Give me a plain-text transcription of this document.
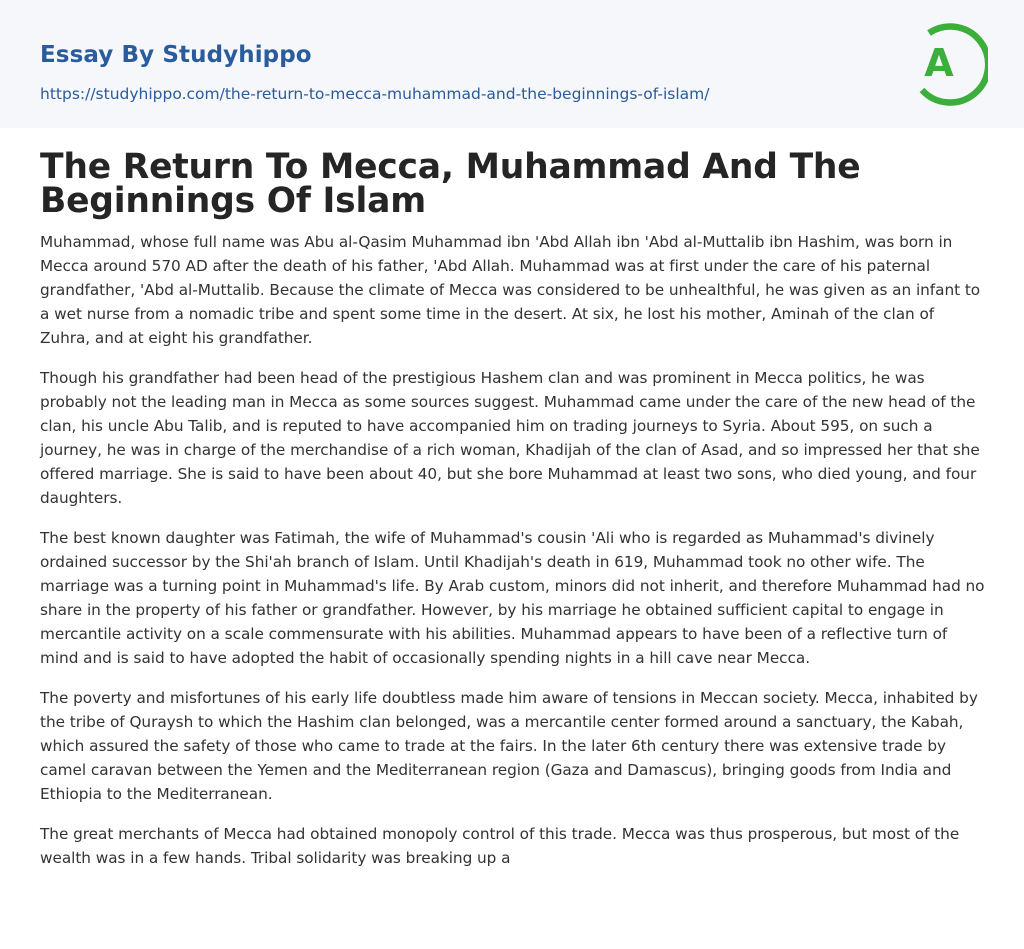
Essay By Studyhippo
https://studyhippo.com/the-return-to-mecca-muhammad-and-the-beginnings-of-islam/
A
The Return To Mecca, Muhammad And The Beginnings Of Islam

Muhammad, whose full name was Abu al-Qasim Muhammad ibn 'Abd Allah ibn 'Abd al-Muttalib ibn Hashim, was born in Mecca around 570 AD after the death of his father, 'Abd Allah. Muhammad was at first under the care of his paternal grandfather, 'Abd al-Muttalib. Because the climate of Mecca was considered to be unhealthful, he was given as an infant to a wet nurse from a nomadic tribe and spent some time in the desert. At six, he lost his mother, Aminah of the clan of Zuhra, and at eight his grandfather.

Though his grandfather had been head of the prestigious Hashem clan and was prominent in Mecca politics, he was probably not the leading man in Mecca as some sources suggest. Muhammad came under the care of the new head of the clan, his uncle Abu Talib, and is reputed to have accompanied him on trading journeys to Syria. About 595, on such a journey, he was in charge of the merchandise of a rich woman, Khadijah of the clan of Asad, and so impressed her that she offered marriage. She is said to have been about 40, but she bore Muhammad at least two sons, who died young, and four daughters.

The best known daughter was Fatimah, the wife of Muhammad's cousin 'Ali who is regarded as Muhammad's divinely ordained successor by the Shi'ah branch of Islam. Until Khadijah's death in 619, Muhammad took no other wife. The marriage was a turning point in Muhammad's life. By Arab custom, minors did not inherit, and therefore Muhammad had no share in the property of his father or grandfather. However, by his marriage he obtained sufficient capital to engage in mercantile activity on a scale commensurate with his abilities. Muhammad appears to have been of a reflective turn of mind and is said to have adopted the habit of occasionally spending nights in a hill cave near Mecca.

The poverty and misfortunes of his early life doubtless made him aware of tensions in Meccan society. Mecca, inhabited by the tribe of Quraysh to which the Hashim clan belonged, was a mercantile center formed around a sanctuary, the Kabah, which assured the safety of those who came to trade at the fairs. In the later 6th century there was extensive trade by camel caravan between the Yemen and the Mediterranean region (Gaza and Damascus), bringing goods from India and Ethiopia to the Mediterranean.

The great merchants of Mecca had obtained monopoly control of this trade. Mecca was thus prosperous, but most of the wealth was in a few hands. Tribal solidarity was breaking up a
